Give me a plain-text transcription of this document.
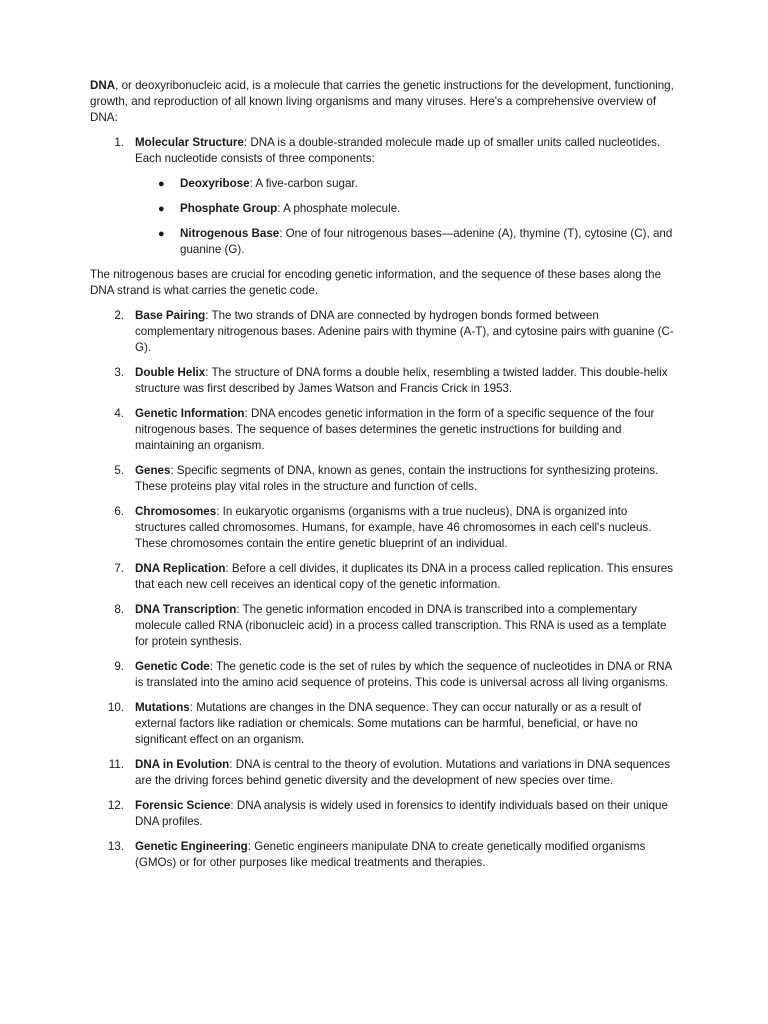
DNA, or deoxyribonucleic acid, is a molecule that carries the genetic instructions for the development, functioning, growth, and reproduction of all known living organisms and many viruses. Here's a comprehensive overview of DNA:

1. Molecular Structure: DNA is a double-stranded molecule made up of smaller units called nucleotides. Each nucleotide consists of three components:
● Deoxyribose: A five-carbon sugar.
● Phosphate Group: A phosphate molecule.
● Nitrogenous Base: One of four nitrogenous bases—adenine (A), thymine (T), cytosine (C), and guanine (G).

The nitrogenous bases are crucial for encoding genetic information, and the sequence of these bases along the DNA strand is what carries the genetic code.

2. Base Pairing: The two strands of DNA are connected by hydrogen bonds formed between complementary nitrogenous bases. Adenine pairs with thymine (A-T), and cytosine pairs with guanine (C-G).
3. Double Helix: The structure of DNA forms a double helix, resembling a twisted ladder. This double-helix structure was first described by James Watson and Francis Crick in 1953.
4. Genetic Information: DNA encodes genetic information in the form of a specific sequence of the four nitrogenous bases. The sequence of bases determines the genetic instructions for building and maintaining an organism.
5. Genes: Specific segments of DNA, known as genes, contain the instructions for synthesizing proteins. These proteins play vital roles in the structure and function of cells.
6. Chromosomes: In eukaryotic organisms (organisms with a true nucleus), DNA is organized into structures called chromosomes. Humans, for example, have 46 chromosomes in each cell's nucleus. These chromosomes contain the entire genetic blueprint of an individual.
7. DNA Replication: Before a cell divides, it duplicates its DNA in a process called replication. This ensures that each new cell receives an identical copy of the genetic information.
8. DNA Transcription: The genetic information encoded in DNA is transcribed into a complementary molecule called RNA (ribonucleic acid) in a process called transcription. This RNA is used as a template for protein synthesis.
9. Genetic Code: The genetic code is the set of rules by which the sequence of nucleotides in DNA or RNA is translated into the amino acid sequence of proteins. This code is universal across all living organisms.
10. Mutations: Mutations are changes in the DNA sequence. They can occur naturally or as a result of external factors like radiation or chemicals. Some mutations can be harmful, beneficial, or have no significant effect on an organism.
11. DNA in Evolution: DNA is central to the theory of evolution. Mutations and variations in DNA sequences are the driving forces behind genetic diversity and the development of new species over time.
12. Forensic Science: DNA analysis is widely used in forensics to identify individuals based on their unique DNA profiles.
13. Genetic Engineering: Genetic engineers manipulate DNA to create genetically modified organisms (GMOs) or for other purposes like medical treatments and therapies.
